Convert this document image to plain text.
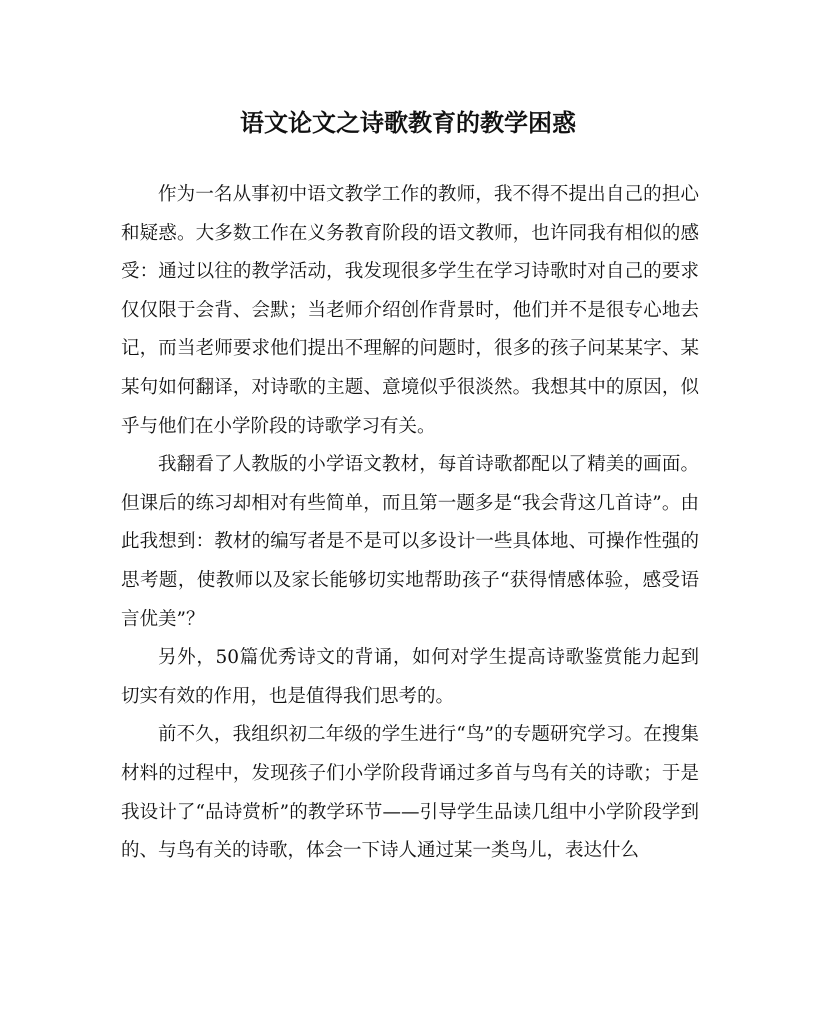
语文论文之诗歌教育的教学困惑

作为一名从事初中语文教学工作的教师，我不得不提出自己的担心和疑惑。大多数工作在义务教育阶段的语文教师，也许同我有相似的感受：通过以往的教学活动，我发现很多学生在学习诗歌时对自己的要求仅仅限于会背、会默；当老师介绍创作背景时，他们并不是很专心地去记，而当老师要求他们提出不理解的问题时，很多的孩子问某某字、某某句如何翻译，对诗歌的主题、意境似乎很淡然。我想其中的原因，似乎与他们在小学阶段的诗歌学习有关。

我翻看了人教版的小学语文教材，每首诗歌都配以了精美的画面。但课后的练习却相对有些简单，而且第一题多是“我会背这几首诗”。由此我想到：教材的编写者是不是可以多设计一些具体地、可操作性强的思考题，使教师以及家长能够切实地帮助孩子“获得情感体验，感受语言优美”？

另外，50篇优秀诗文的背诵，如何对学生提高诗歌鉴赏能力起到切实有效的作用，也是值得我们思考的。

前不久，我组织初二年级的学生进行“鸟”的专题研究学习。在搜集材料的过程中，发现孩子们小学阶段背诵过多首与鸟有关的诗歌；于是我设计了“品诗赏析”的教学环节——引导学生品读几组中小学阶段学到的、与鸟有关的诗歌，体会一下诗人通过某一类鸟儿，表达什么
